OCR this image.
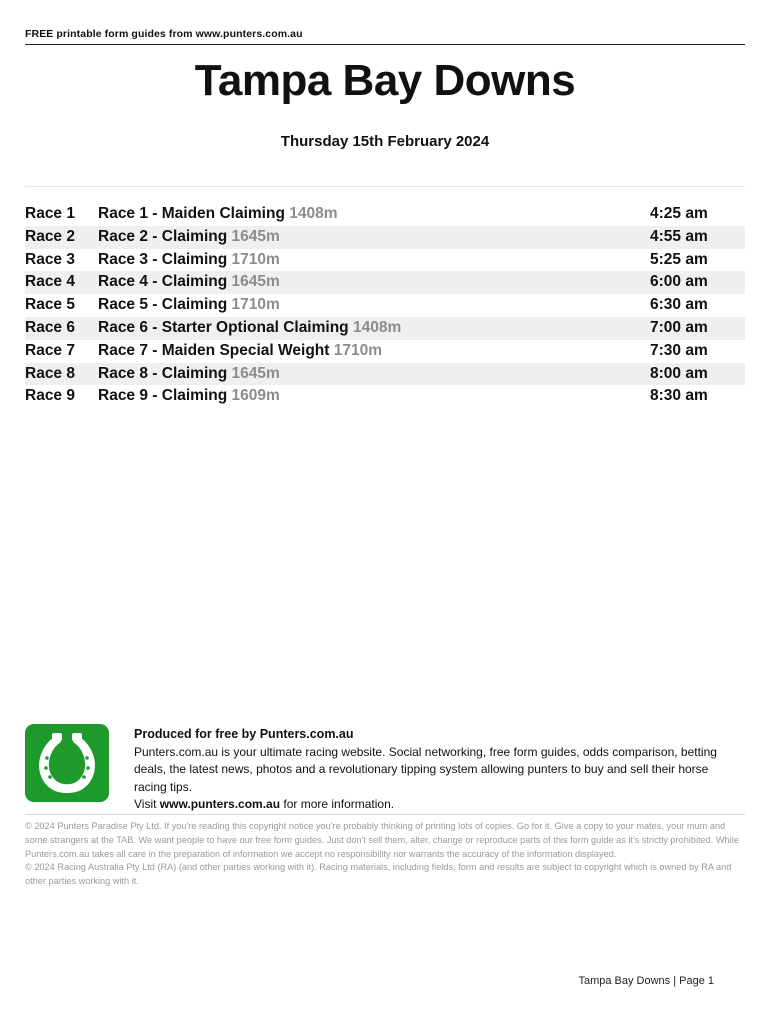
FREE printable form guides from www.punters.com.au
Tampa Bay Downs
Thursday 15th February 2024
Race 1 Race 1 - Maiden Claiming 1408m	4:25 am
Race 2 Race 2 - Claiming 1645m	4:55 am
Race 3 Race 3 - Claiming 1710m	5:25 am
Race 4 Race 4 - Claiming 1645m	6:00 am
Race 5 Race 5 - Claiming 1710m	6:30 am
Race 6 Race 6 - Starter Optional Claiming 1408m	7:00 am
Race 7 Race 7 - Maiden Special Weight 1710m	7:30 am
Race 8 Race 8 - Claiming 1645m	8:00 am
Race 9 Race 9 - Claiming 1609m	8:30 am
Produced for free by Punters.com.au
Punters.com.au is your ultimate racing website. Social networking, free form guides, odds comparison, betting deals, the latest news, photos and a revolutionary tipping system allowing punters to buy and sell their horse racing tips.
Visit www.punters.com.au for more information.

© 2024 Punters Paradise Pty Ltd. If you're reading this copyright notice you're probably thinking of printing lots of copies. Go for it. Give a copy to your mates, your mum and some strangers at the TAB. We want people to have our free form guides. Just don't sell them, alter, change or reproduce parts of this form guide as it's strictly prohibited. While Punters.com.au takes all care in the preparation of information we accept no responsibility nor warrants the accuracy of the information displayed.

© 2024 Racing Australia Pty Ltd (RA) (and other parties working with it). Racing materials, including fields, form and results are subject to copyright which is owned by RA and other parties working with it.

Tampa Bay Downs | Page 1
